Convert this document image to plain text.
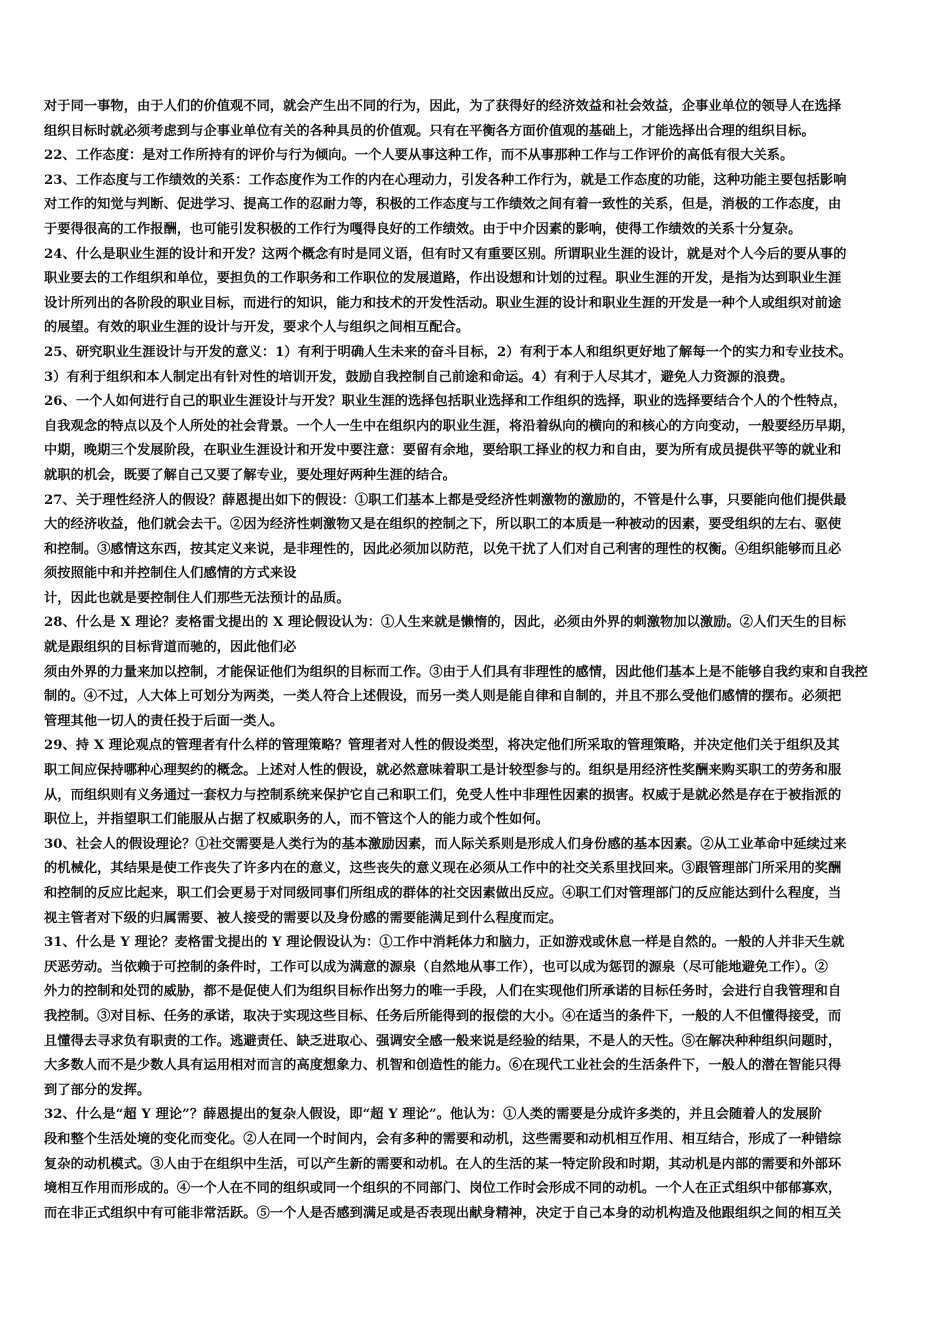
对于同一事物，由于人们的价值观不同，就会产生出不同的行为，因此，为了获得好的经济效益和社会效益，企事业单位的领导人在选择
组织目标时就必须考虑到与企事业单位有关的各种具员的价值观。只有在平衡各方面价值观的基础上，才能选择出合理的组织目标。
22、工作态度：是对工作所持有的评价与行为倾向。一个人要从事这种工作，而不从事那种工作与工作评价的高低有很大关系。
23、工作态度与工作绩效的关系：工作态度作为工作的内在心理动力，引发各种工作行为，就是工作态度的功能，这种功能主要包括影响
对工作的知觉与判断、促进学习、提高工作的忍耐力等，积极的工作态度与工作绩效之间有着一致性的关系，但是，消极的工作态度，由
于要得很高的工作报酬，也可能引发积极的工作行为嘎得良好的工作绩效。由于中介因素的影响，使得工作绩效的关系十分复杂。
24、什么是职业生涯的设计和开发？这两个概念有时是同义语，但有时又有重要区别。所谓职业生涯的设计，就是对个人今后的要从事的
职业要去的工作组织和单位，要担负的工作职务和工作职位的发展道路，作出设想和计划的过程。职业生涯的开发，是指为达到职业生涯
设计所列出的各阶段的职业目标，而进行的知识，能力和技术的开发性活动。职业生涯的设计和职业生涯的开发是一种个人或组织对前途
的展望。有效的职业生涯的设计与开发，要求个人与组织之间相互配合。
25、研究职业生涯设计与开发的意义：1）有利于明确人生未来的奋斗目标，2）有利于本人和组织更好地了解每一个的实力和专业技术。
3）有利于组织和本人制定出有针对性的培训开发，鼓励自我控制自己前途和命运。4）有利于人尽其才，避免人力资源的浪费。
26、一个人如何进行自己的职业生涯设计与开发？职业生涯的选择包括职业选择和工作组织的选择，职业的选择要结合个人的个性特点，
自我观念的特点以及个人所处的社会背景。一个人一生中在组织内的职业生涯，将沿着纵向的横向的和核心的方向变动，一般要经历早期，
中期，晚期三个发展阶段，在职业生涯设计和开发中要注意：要留有余地，要给职工择业的权力和自由，要为所有成员提供平等的就业和
就职的机会，既要了解自己又要了解专业，要处理好两种生涯的结合。
27、关于理性经济人的假设？薛恩提出如下的假设：①职工们基本上都是受经济性刺激物的激励的，不管是什么事，只要能向他们提供最
大的经济收益，他们就会去干。②因为经济性刺激物又是在组织的控制之下，所以职工的本质是一种被动的因素，要受组织的左右、驱使
和控制。③感情这东西，按其定义来说，是非理性的，因此必须加以防范，以免干扰了人们对自己利害的理性的权衡。④组织能够而且必
须按照能中和并控制住人们感情的方式来设
计，因此也就是要控制住人们那些无法预计的品质。
28、什么是 X 理论？麦格雷戈提出的 X 理论假设认为：①人生来就是懒惰的，因此，必须由外界的刺激物加以激励。②人们天生的目标
就是跟组织的目标背道而驰的，因此他们必
须由外界的力量来加以控制，才能保证他们为组织的目标而工作。③由于人们具有非理性的感情，因此他们基本上是不能够自我约束和自我控
制的。④不过，人大体上可划分为两类，一类人符合上述假设，而另一类人则是能自律和自制的，并且不那么受他们感情的摆布。必须把
管理其他一切人的责任投于后面一类人。
29、持 X 理论观点的管理者有什么样的管理策略？管理者对人性的假设类型，将决定他们所采取的管理策略，并决定他们关于组织及其
职工间应保持哪种心理契约的概念。上述对人性的假设，就必然意味着职工是计较型参与的。组织是用经济性奖酬来购买职工的劳务和服
从，而组织则有义务通过一套权力与控制系统来保护它自己和职工们，免受人性中非理性因素的损害。权威于是就必然是存在于被指派的
职位上，并指望职工们能服从占据了权威职务的人，而不管这个人的能力或个性如何。
30、社会人的假设理论？①社交需要是人类行为的基本激励因素，而人际关系则是形成人们身份感的基本因素。②从工业革命中延续过来
的机械化，其结果是使工作丧失了许多内在的意义，这些丧失的意义现在必须从工作中的社交关系里找回来。③跟管理部门所采用的奖酬
和控制的反应比起来，职工们会更易于对同级同事们所组成的群体的社交因素做出反应。④职工们对管理部门的反应能达到什么程度，当
视主管者对下级的归属需要、被人接受的需要以及身份感的需要能满足到什么程度而定。
31、什么是 Y 理论？麦格雷戈提出的 Y 理论假设认为：①工作中消耗体力和脑力，正如游戏或休息一样是自然的。一般的人并非天生就
厌恶劳动。当依赖于可控制的条件时，工作可以成为满意的源泉（自然地从事工作），也可以成为惩罚的源泉（尽可能地避免工作）。②
外力的控制和处罚的威胁，都不是促使人们为组织目标作出努力的唯一手段，人们在实现他们所承诺的目标任务时，会进行自我管理和自
我控制。③对目标、任务的承诺，取决于实现这些目标、任务后所能得到的报偿的大小。④在适当的条件下，一般的人不但懂得接受，而
且懂得去寻求负有职责的工作。逃避责任、缺乏进取心、强调安全感一般来说是经验的结果，不是人的天性。⑤在解决种种组织问题时，
大多数人而不是少数人具有运用相对而言的高度想象力、机智和创造性的能力。⑥在现代工业社会的生活条件下，一般人的潜在智能只得
到了部分的发挥。
32、什么是“超 Y 理论”？薛恩提出的复杂人假设，即“超 Y 理论”。他认为：①人类的需要是分成许多类的，并且会随着人的发展阶
段和整个生活处境的变化而变化。②人在同一个时间内，会有多种的需要和动机，这些需要和动机相互作用、相互结合，形成了一种错综
复杂的动机模式。③人由于在组织中生活，可以产生新的需要和动机。在人的生活的某一特定阶段和时期，其动机是内部的需要和外部环
境相互作用而形成的。④一个人在不同的组织或同一个组织的不同部门、岗位工作时会形成不同的动机。一个人在正式组织中郁郁寡欢，
而在非正式组织中有可能非常活跃。⑤一个人是否感到满足或是否表现出献身精神，决定于自己本身的动机构造及他跟组织之间的相互关
